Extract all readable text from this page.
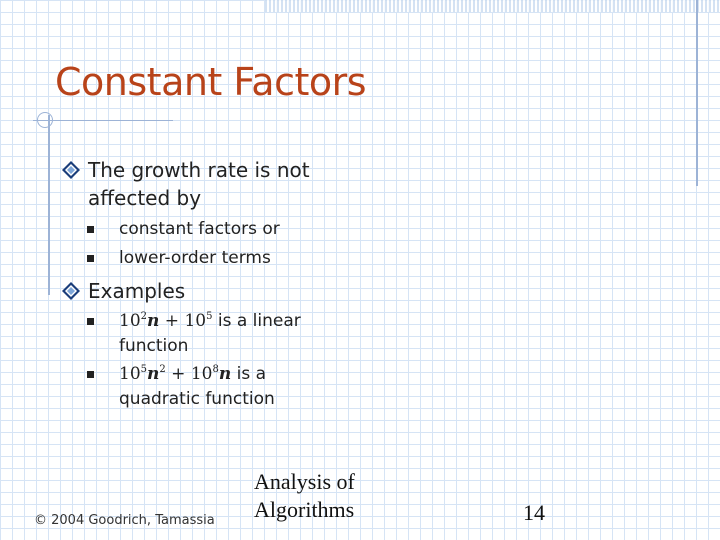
Constant Factors
The growth rate is not affected by
constant factors or
lower-order terms
Examples
$10^2n + 10^5$ is a linear
function
$10^5n^2 + 10^8n$ is a
quadratic function
© 2004 Goodrich, Tamassia
Analysis of
Algorithms	14
